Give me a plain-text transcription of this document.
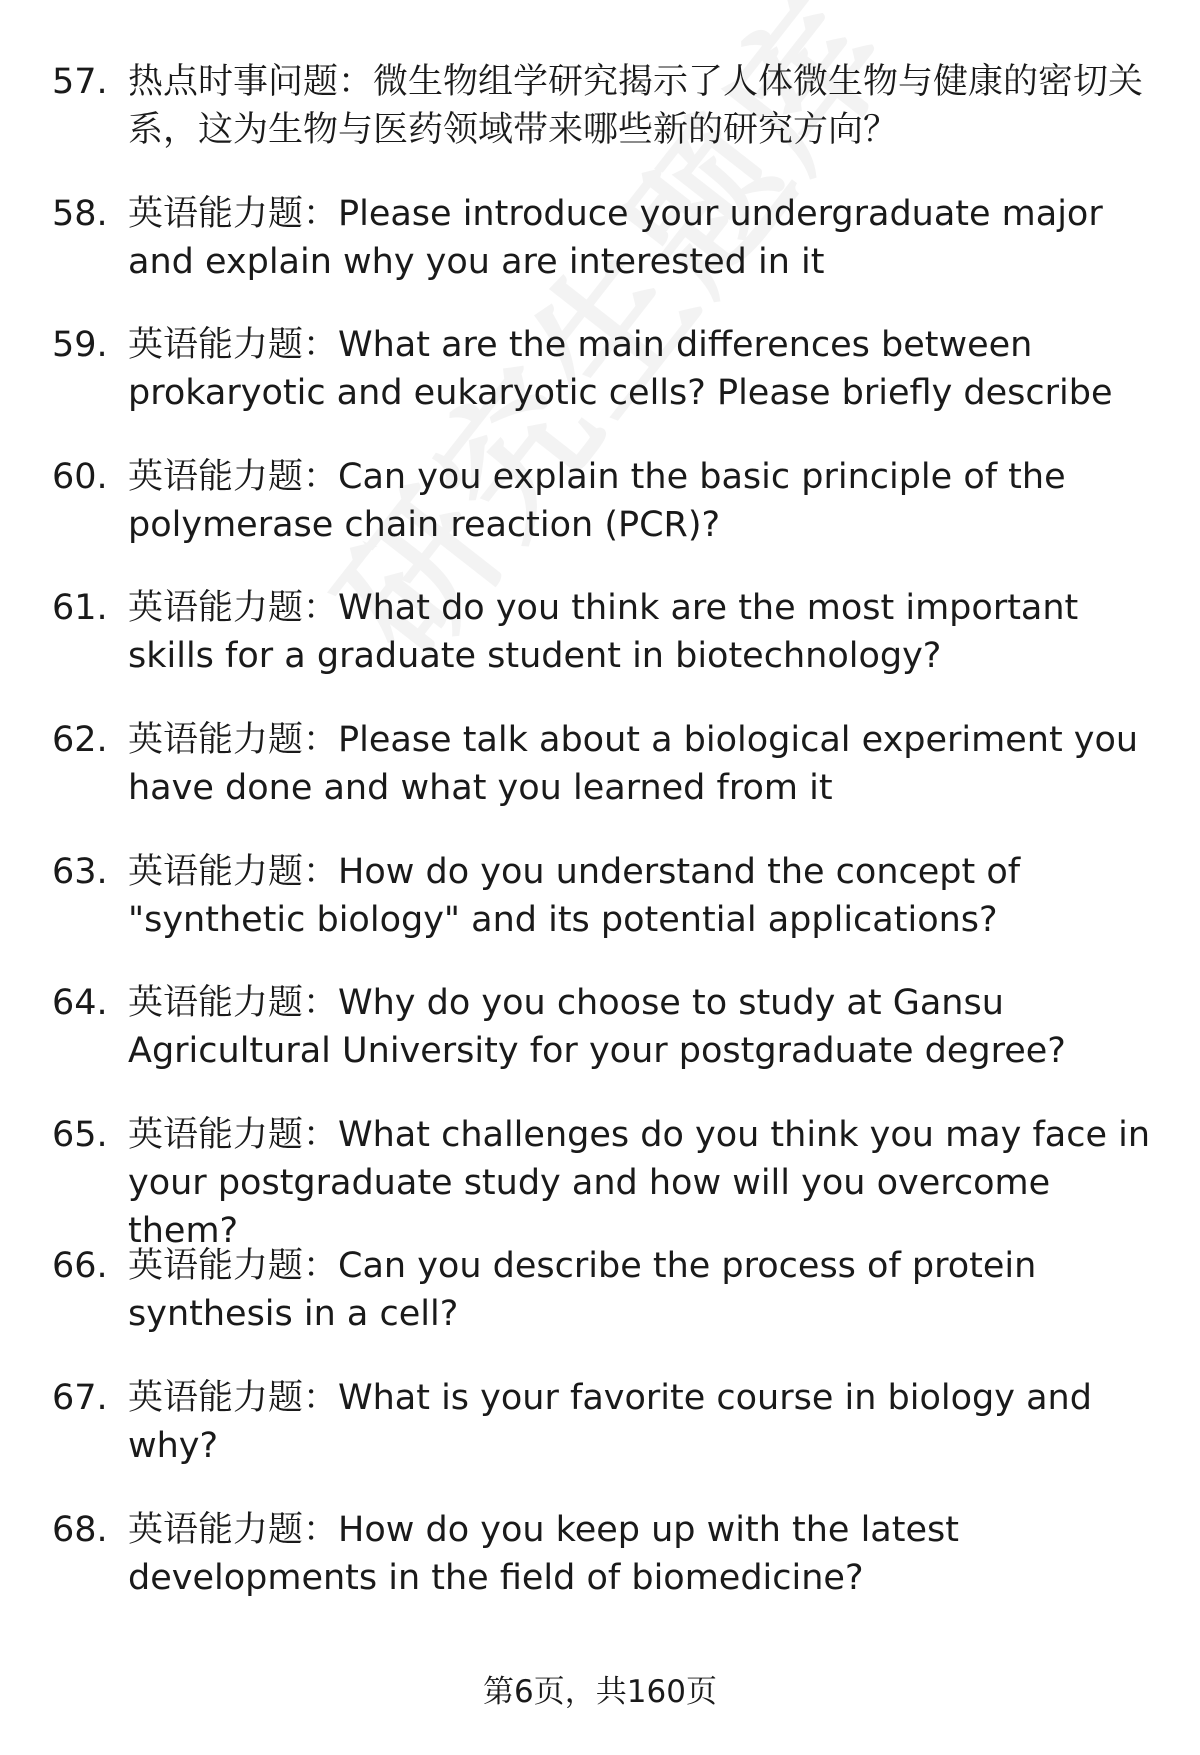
57. 热点时事问题：微生物组学研究揭示了人体微生物与健康的密切关系，这为生物与医药领域带来哪些新的研究方向？
58. 英语能力题：Please introduce your undergraduate major and explain why you are interested in it
59. 英语能力题：What are the main differences between prokaryotic and eukaryotic cells? Please briefly describe
60. 英语能力题：Can you explain the basic principle of the polymerase chain reaction (PCR)?
61. 英语能力题：What do you think are the most important skills for a graduate student in biotechnology?
62. 英语能力题：Please talk about a biological experiment you have done and what you learned from it
63. 英语能力题：How do you understand the concept of "synthetic biology" and its potential applications?
64. 英语能力题：Why do you choose to study at Gansu Agricultural University for your postgraduate degree?
65. 英语能力题：What challenges do you think you may face in your postgraduate study and how will you overcome them?
66. 英语能力题：Can you describe the process of protein synthesis in a cell?
67. 英语能力题：What is your favorite course in biology and why?
68. 英语能力题：How do you keep up with the latest developments in the field of biomedicine?
第6页，共160页
